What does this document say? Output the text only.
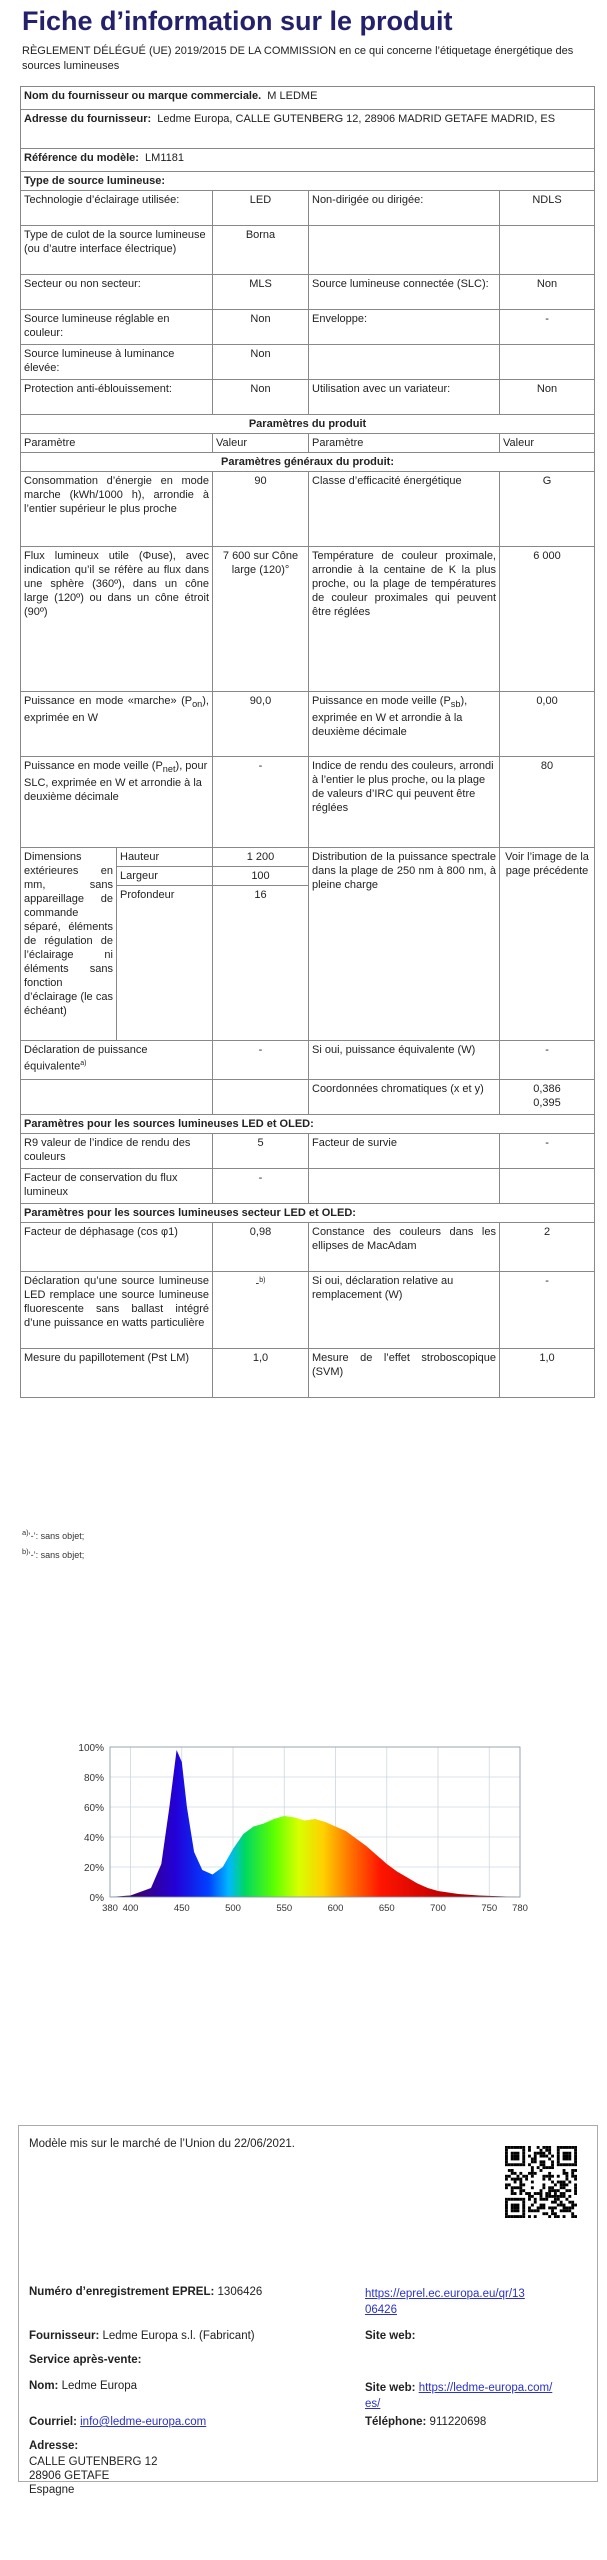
Fiche d’information sur le produit
RÈGLEMENT DÉLÉGUÉ (UE) 2019/2015 DE LA COMMISSION en ce qui concerne l’étiquetage énergétique des sources lumineuses
Nom du fournisseur ou marque commerciale. M LEDME				
Adresse du fournisseur: Ledme Europa, CALLE GUTENBERG 12, 28906 MADRID GETAFE MADRID, ES				
Référence du modèle: LM1181				
Type de source lumineuse:				
Technologie d’éclairage utilisée:		LED	Non-dirigée ou dirigée:	NDLS
Type de culot de la source lumineuse
(ou d’autre interface électrique)		Borna		
Secteur ou non secteur:		MLS	Source lumineuse connectée (SLC):	Non
Source lumineuse réglable en couleur:		Non	Enveloppe:	-
Source lumineuse à luminance élevée:		Non		
Protection anti-éblouissement:		Non	Utilisation avec un variateur:	Non
Paramètres du produit				
Paramètre		Valeur	Paramètre	Valeur
Paramètres généraux du produit:				
Consommation d’énergie en mode marche (kWh/1000 h), arrondie à l’entier supérieur le plus proche		90	Classe d’efficacité énergétique	G
Flux lumineux utile (Φuse), avec indication qu’il se réfère au flux dans une sphère (360º), dans un cône large (120º) ou dans un cône étroit (90º)		7 600 sur Cône large (120)°	Température de couleur proximale, arrondie à la centaine de K la plus proche, ou la plage de températures de couleur proximales qui peuvent être réglées	6 000
Puissance en mode «marche» $(P_{on})$, exprimée en W		90,0	Puissance en mode veille $(P_{sb})$, exprimée en W et arrondie à la deuxième décimale	0,00
Puissance en mode veille $(P_{net})$, pour SLC, exprimée en W et arrondie à la deuxième décimale		-	Indice de rendu des couleurs, arrondi à l’entier le plus proche, ou la plage de valeurs d’IRC qui peuvent être réglées	80
Dimensions extérieures en mm, sans appareillage de commande séparé, éléments de régulation de l’éclairage ni éléments sans fonction d’éclairage (le cas échéant)	Hauteur	1 200	Distribution de la puissance spectrale dans la plage de 250 nm à 800 nm, à pleine charge	Voir l’image de la page précédente
	Largeur	100		
	Profondeur	16		
Déclaration de puissance équivalente$^{a)}$		-	Si oui, puissance équivalente (W)	-
			Coordonnées chromatiques (x et y)	0,386
0,395
Paramètres pour les sources lumineuses LED et OLED:				
R9 valeur de l’indice de rendu des couleurs		5	Facteur de survie	-
Facteur de conservation du flux lumineux		-		
Paramètres pour les sources lumineuses secteur LED et OLED:				
Facteur de déphasage (cos φ1)		0,98	Constance des couleurs dans les ellipses de MacAdam	2
Déclaration qu’une source lumineuse LED remplace une source lumineuse fluorescente sans ballast intégré d’une puissance en watts particulière		-$^{b)}$	Si oui, déclaration relative au remplacement (W)	-
Mesure du papillotement (Pst LM)		1,0	Mesure de l’effet stroboscopique (SVM)	1,0
$^{a)}$‘-’: sans objet;
$^{b)}$‘-’: sans objet;
0%
20%
40%
60%
80%
100%
380 400	450	500	550	600	650	700	750 780
Modèle mis sur le marché de l’Union du 22/06/2021.
Numéro d’enregistrement EPREL: 1306426	https://eprel.ec.europa.eu/qr/13
06426
Fournisseur: Ledme Europa s.l. (Fabricant)	Site web:
Service après-vente:
Nom: Ledme Europa	Site web: https://ledme-europa.com/
es/
Courriel: info@ledme-europa.com	Téléphone: 911220698
Adresse:
CALLE GUTENBERG 12
28906 GETAFE
Espagne
